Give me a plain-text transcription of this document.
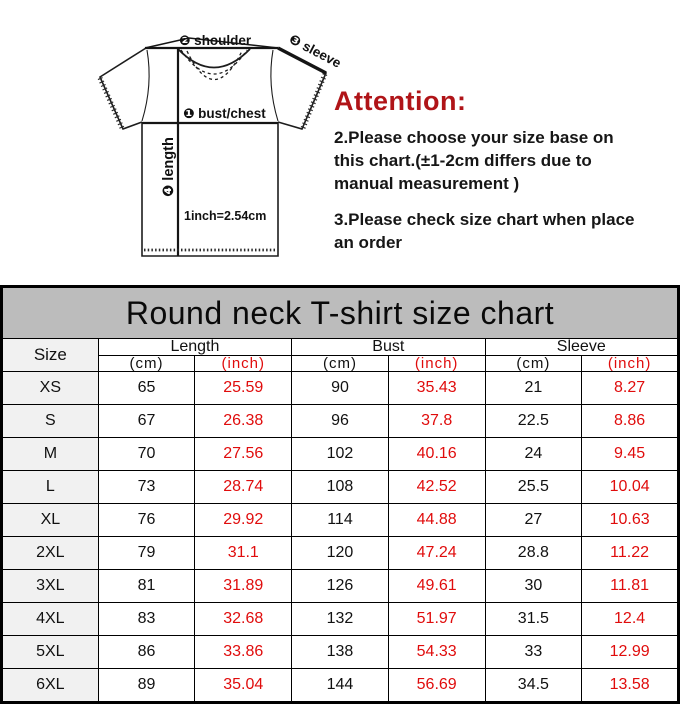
❷ shoulder	❸ sleeve
❶ bust/chest
❹ length
1inch=2.54cm
Attention:
2.Please choose your size base on
this chart.(±1-2cm differs due to
manual measurement )
3.Please check size chart when place
an order
Round neck T-shirt size chart						
Size	Length		Bust		Sleeve	
	(cm)	(inch)	(cm)	(inch)	(cm)	(inch)
XS	65	25.59	90	35.43	21	8.27
S	67	26.38	96	37.8	22.5	8.86
M	70	27.56	102	40.16	24	9.45
L	73	28.74	108	42.52	25.5	10.04
XL	76	29.92	114	44.88	27	10.63
2XL	79	31.1	120	47.24	28.8	11.22
3XL	81	31.89	126	49.61	30	11.81
4XL	83	32.68	132	51.97	31.5	12.4
5XL	86	33.86	138	54.33	33	12.99
6XL	89	35.04	144	56.69	34.5	13.58
